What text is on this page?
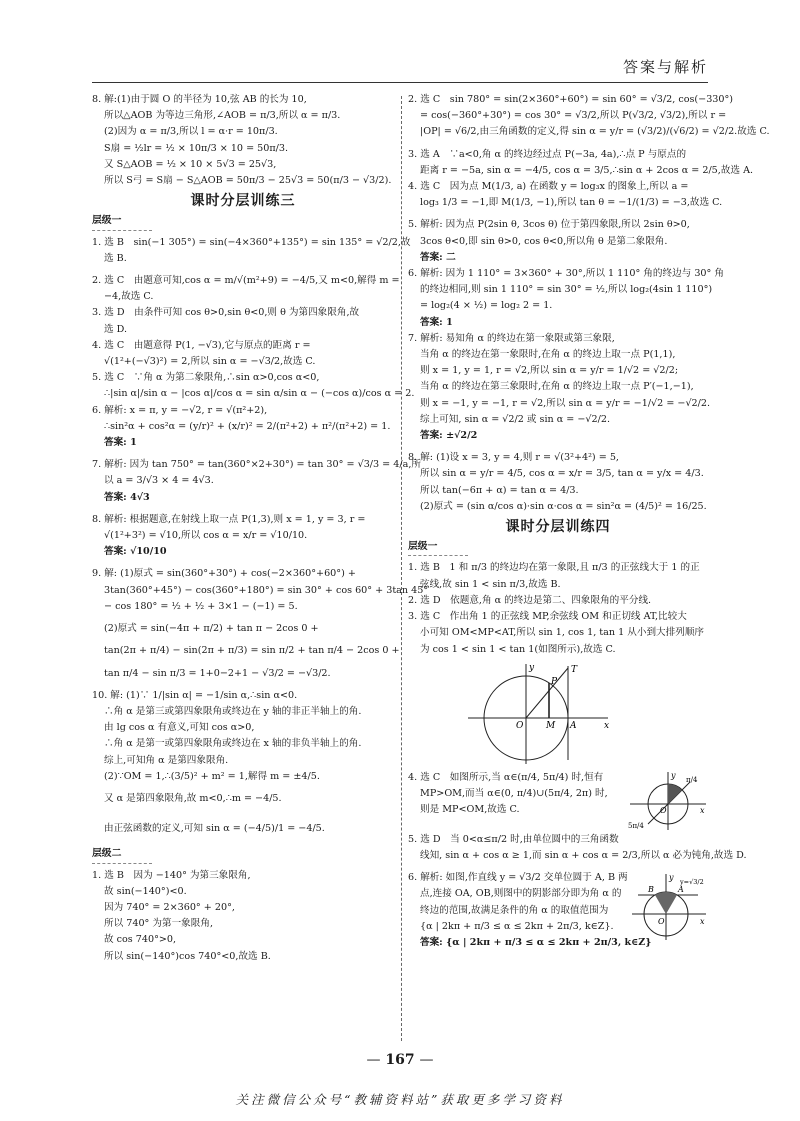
答案与解析

8. 解:(1)由于圆 O 的半径为 10,弦 AB 的长为 10,

所以△AOB 为等边三角形,∠AOB = π/3,所以 α = π/3.

(2)因为 α = π/3,所以 l = α·r = 10π/3.

S扇 = ½lr = ½ × 10π/3 × 10 = 50π/3.

又 S△AOB = ½ × 10 × 5√3 = 25√3,

所以 S弓 = S扇 − S△AOB = 50π/3 − 25√3 = 50(π/3 − √3/2).

课时分层训练三
层级一

1. 选 B　sin(−1 305°) = sin(−4×360°+135°) = sin 135° = √2/2,故

选 B.

2. 选 C　由题意可知,cos α = m/√(m²+9) = −4/5,又 m<0,解得 m =

−4,故选 C.

3. 选 D　由条件可知 cos θ>0,sin θ<0,则 θ 为第四象限角,故

选 D.

4. 选 C　由题意得 P(1, −√3),它与原点的距离 r =

√(1²+(−√3)²) = 2,所以 sin α = −√3/2,故选 C.

5. 选 C　∵角 α 为第二象限角,∴sin α>0,cos α<0,

∴|sin α|/sin α − |cos α|/cos α = sin α/sin α − (−cos α)/cos α = 2.

6. 解析: x = π, y = −√2, r = √(π²+2),

∴sin²α + cos²α = (y/r)² + (x/r)² = 2/(π²+2) + π²/(π²+2) = 1.

答案: 1

7. 解析: 因为 tan 750° = tan(360°×2+30°) = tan 30° = √3/3 = 4/a,所

以 a = 3/√3 × 4 = 4√3.

答案: 4√3

8. 解析: 根据题意,在射线上取一点 P(1,3),则 x = 1, y = 3, r =

√(1²+3²) = √10,所以 cos α = x/r = √10/10.

答案: √10/10

9. 解: (1)原式 = sin(360°+30°) + cos(−2×360°+60°) +

3tan(360°+45°) − cos(360°+180°) = sin 30° + cos 60° + 3tan 45°

− cos 180° = ½ + ½ + 3×1 − (−1) = 5.

(2)原式 = sin(−4π + π/2) + tan π − 2cos 0 +

tan(2π + π/4) − sin(2π + π/3) = sin π/2 + tan π/4 − 2cos 0 +

tan π/4 − sin π/3 = 1+0−2+1 − √3/2 = −√3/2.

10. 解: (1)∵ 1/|sin α| = −1/sin α,∴sin α<0.

∴角 α 是第三或第四象限角或终边在 y 轴的非正半轴上的角.

由 lg cos α 有意义,可知 cos α>0,

∴角 α 是第一或第四象限角或终边在 x 轴的非负半轴上的角.

综上,可知角 α 是第四象限角.

(2)∵OM = 1,∴(3/5)² + m² = 1,解得 m = ±4/5.

又 α 是第四象限角,故 m<0,∴m = −4/5.

由正弦函数的定义,可知 sin α = (−4/5)/1 = −4/5.

层级二

1. 选 B　因为 −140° 为第三象限角,

故 sin(−140°)<0.

因为 740° = 2×360° + 20°,

所以 740° 为第一象限角,

故 cos 740°>0,

所以 sin(−140°)cos 740°<0,故选 B.

2. 选 C　sin 780° = sin(2×360°+60°) = sin 60° = √3/2, cos(−330°)

= cos(−360°+30°) = cos 30° = √3/2,所以 P(√3/2, √3/2),所以 r =

|OP| = √6/2,由三角函数的定义,得 sin α = y/r = (√3/2)/(√6/2) = √2/2.故选 C.

3. 选 A　∵a<0,角 α 的终边经过点 P(−3a, 4a),∴点 P 与原点的

距离 r = −5a, sin α = −4/5, cos α = 3/5,∴sin α + 2cos α = 2/5,故选 A.

4. 选 C　因为点 M(1/3, a) 在函数 y = log₃x 的图象上,所以 a =

log₃ 1/3 = −1,即 M(1/3, −1),所以 tan θ = −1/(1/3) = −3,故选 C.

5. 解析: 因为点 P(2sin θ, 3cos θ) 位于第四象限,所以 2sin θ>0,

3cos θ<0,即 sin θ>0, cos θ<0,所以角 θ 是第二象限角.

答案: 二

6. 解析: 因为 1 110° = 3×360° + 30°,所以 1 110° 角的终边与 30° 角

的终边相同,则 sin 1 110° = sin 30° = ½,所以 log₂(4sin 1 110°)

= log₂(4 × ½) = log₂ 2 = 1.

答案: 1

7. 解析: 易知角 α 的终边在第一象限或第三象限,

当角 α 的终边在第一象限时,在角 α 的终边上取一点 P(1,1),

则 x = 1, y = 1, r = √2,所以 sin α = y/r = 1/√2 = √2/2;

当角 α 的终边在第三象限时,在角 α 的终边上取一点 P′(−1,−1),

则 x = −1, y = −1, r = √2,所以 sin α = y/r = −1/√2 = −√2/2.

综上可知, sin α = √2/2 或 sin α = −√2/2.

答案: ±√2/2

8. 解: (1)设 x = 3, y = 4,则 r = √(3²+4²) = 5,

所以 sin α = y/r = 4/5, cos α = x/r = 3/5, tan α = y/x = 4/3.

所以 tan(−6π + α) = tan α = 4/3.

(2)原式 = (sin α/cos α)·sin α·cos α = sin²α = (4/5)² = 16/25.

课时分层训练四
层级一

1. 选 B　1 和 π/3 的终边均在第一象限,且 π/3 的正弦线大于 1 的正

弦线,故 sin 1 < sin π/3,故选 B.

2. 选 D　依题意,角 α 的终边是第二、四象限角的平分线.

3. 选 C　作出角 1 的正弦线 MP,余弦线 OM 和正切线 AT,比较大

小可知 OM<MP<AT,所以 sin 1, cos 1, tan 1 从小到大排列顺序

为 cos 1 < sin 1 < tan 1(如图所示),故选 C.

y	T
P
O	M A	x

4. 选 C　如图所示,当 α∈(π/4, 5π/4) 时,恒有

MP>OM,而当 α∈(0, π/4)∪(5π/4, 2π) 时,

则是 MP<OM,故选 C.

y π/4
O	x
5π/4

5. 选 D　当 0<α≤π/2 时,由单位圆中的三角函数

线知, sin α + cos α ≥ 1,而 sin α + cos α = 2/3,所以 α 必为钝角,故选 D.

6. 解析: 如图,作直线 y = √3/2 交单位圆于 A, B 两

点,连接 OA, OB,则图中的阴影部分即为角 α 的

终边的范围,故满足条件的角 α 的取值范围为

{α | 2kπ + π/3 ≤ α ≤ 2kπ + 2π/3, k∈Z}.

答案: {α | 2kπ + π/3 ≤ α ≤ 2kπ + 2π/3, k∈Z}

y
B	A
y=√3/2
O	x
— 167 —
关注微信公众号“教辅资料站”获取更多学习资料
